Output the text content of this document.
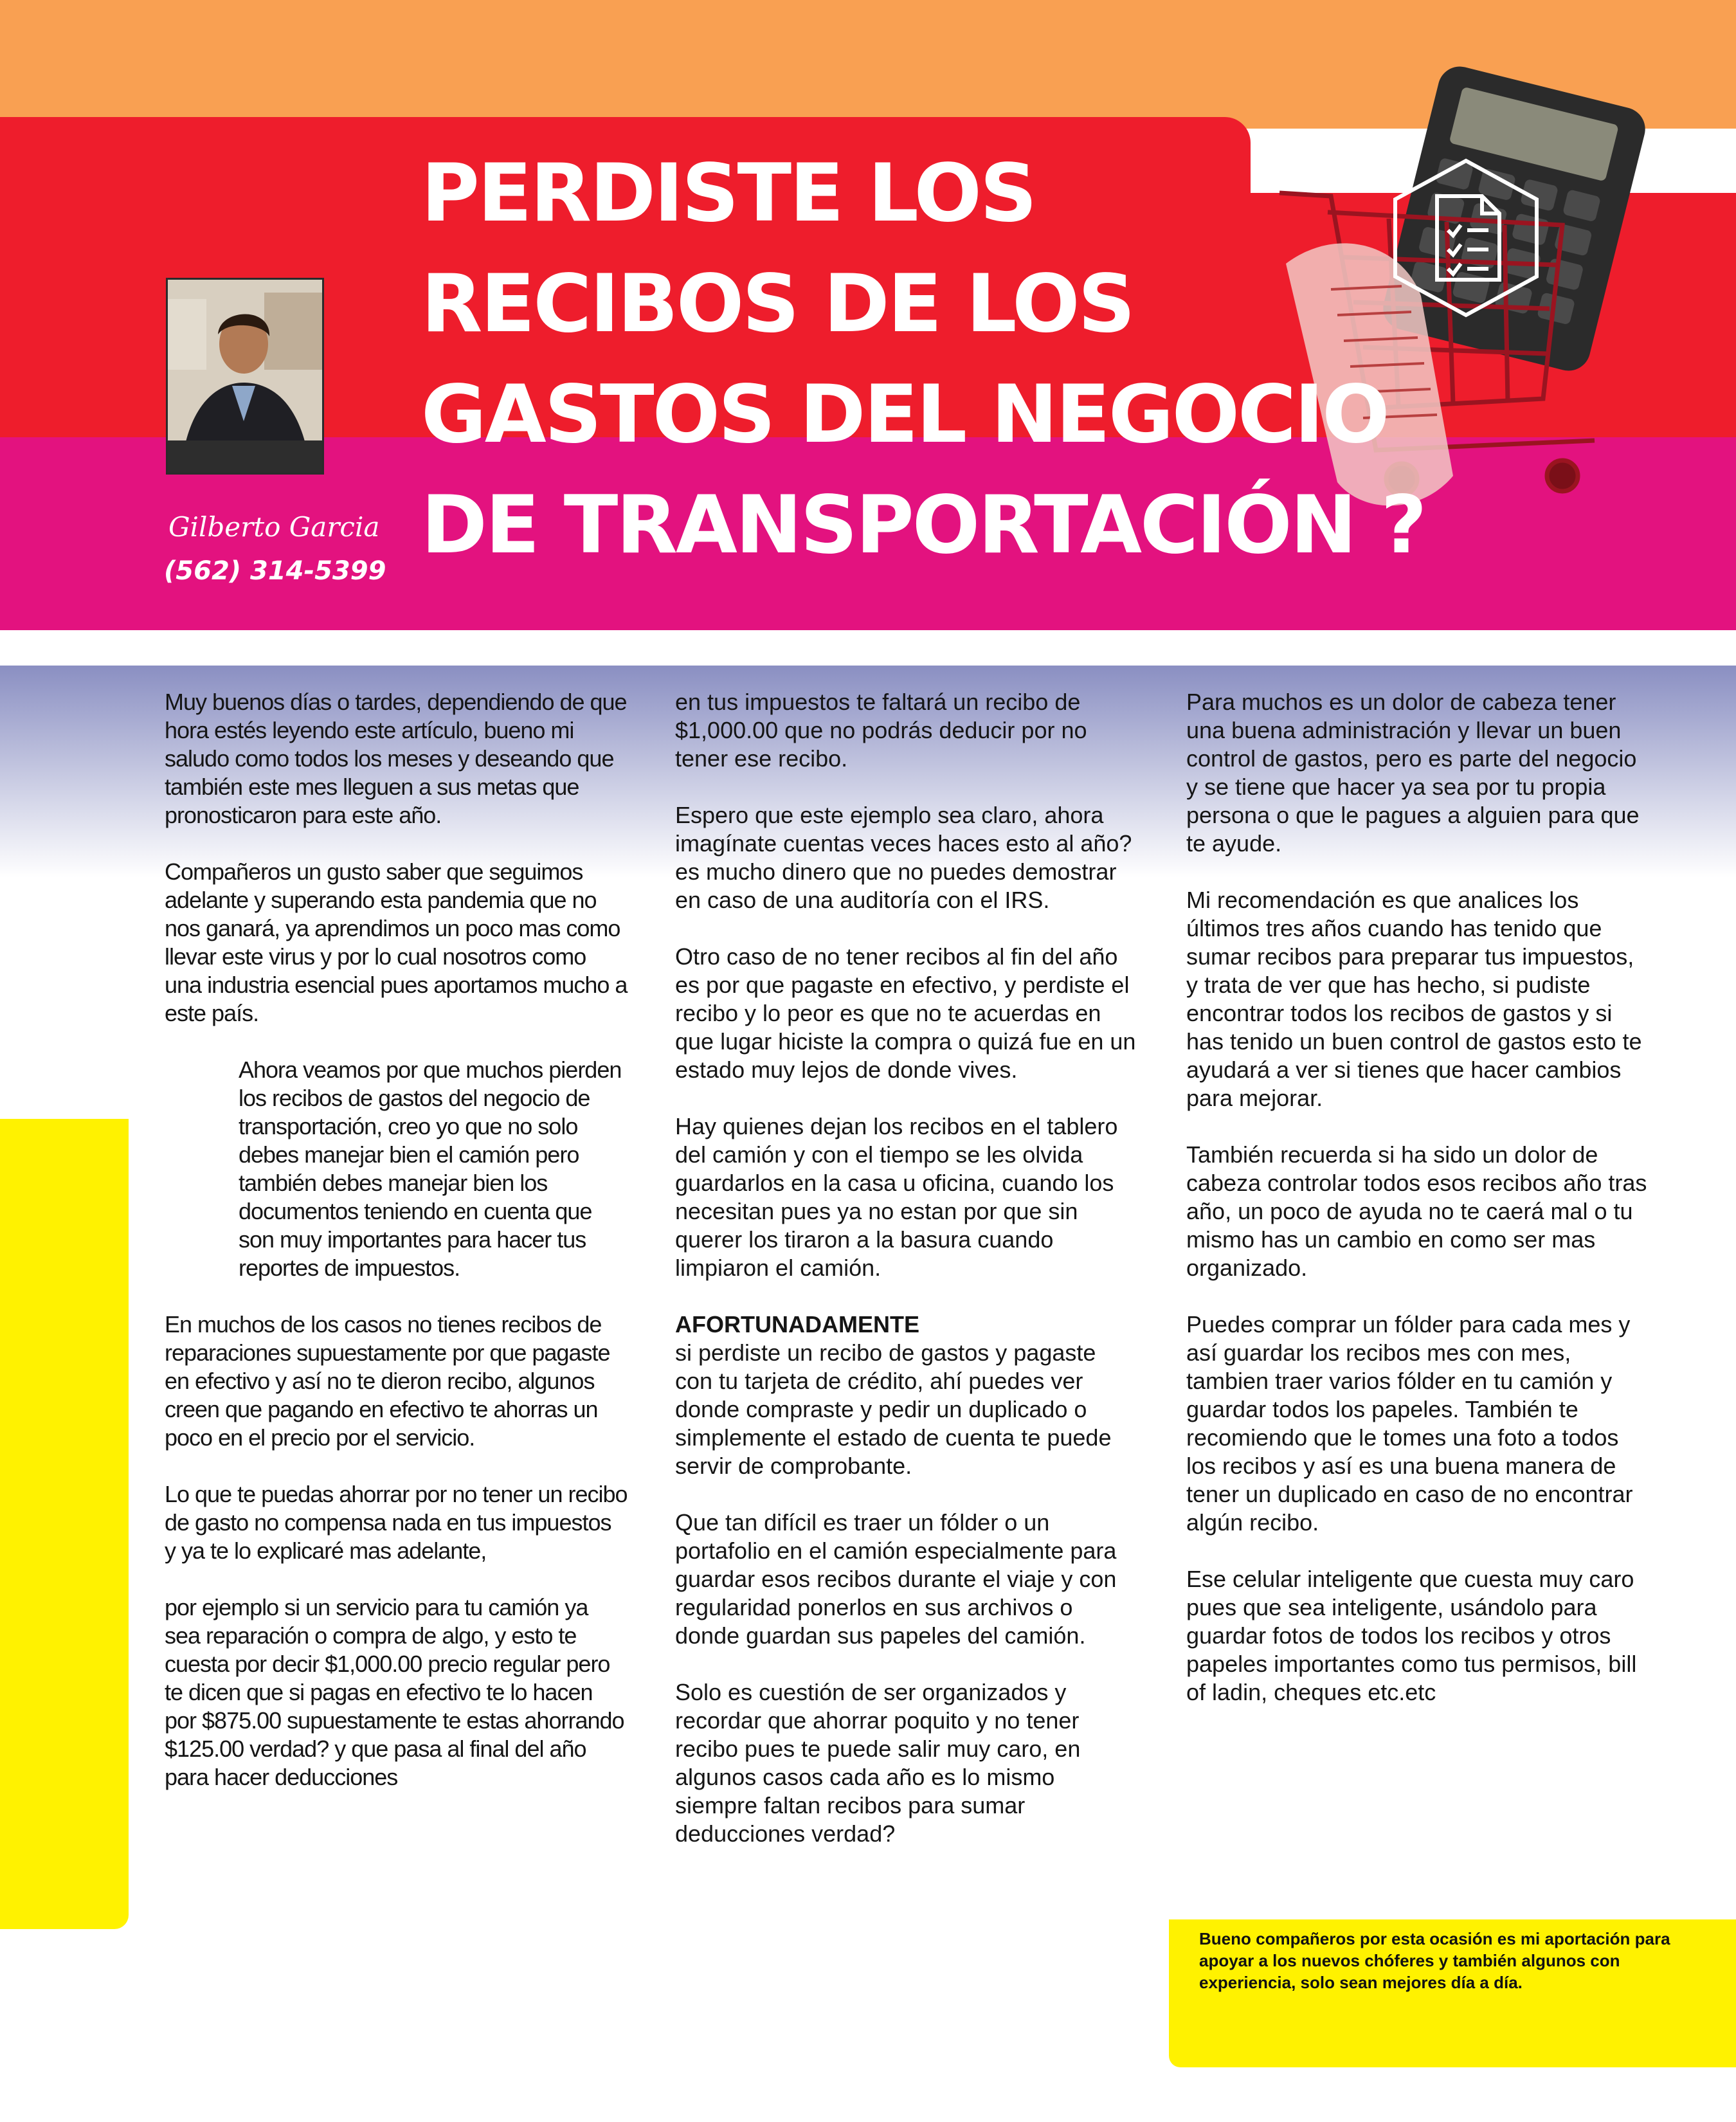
PERDISTE LOS
RECIBOS DE LOS
GASTOS DEL NEGOCIO
DE TRANSPORTACIÓN ?
Gilberto Garcia
(562) 314-5399

Muy buenos días o tardes, dependiendo de que hora estés leyendo este artículo, bueno mi saludo como todos los meses y deseando que también este mes lleguen a sus metas que pronosticaron para este año.

Compañeros un gusto saber que seguimos adelante y superando esta pandemia que no nos ganará, ya aprendimos un poco mas como llevar este virus y por lo cual nosotros como una industria esencial pues aportamos mucho a este país.

Ahora veamos por que muchos pierden los recibos de gastos del negocio de transportación, creo yo que no solo debes manejar bien el camión pero también debes manejar bien los documentos teniendo en cuenta que son muy importantes para hacer tus reportes de impuestos.

En muchos de los casos no tienes recibos de reparaciones supuestamente por que pagaste en efectivo y así no te dieron recibo, algunos creen que pagando en efectivo te ahorras un poco en el precio por el servicio.

Lo que te puedas ahorrar por no tener un recibo de gasto no compensa nada en tus impuestos y ya te lo explicaré mas adelante,

por ejemplo si un servicio para tu camión ya sea reparación o compra de algo, y esto te cuesta por decir $1,000.00 precio regular pero te dicen que si pagas en efectivo te lo hacen por $875.00 supuestamente te estas ahorrando $125.00 verdad? y que pasa al final del año para hacer deducciones

en tus impuestos te faltará un recibo de $1,000.00 que no podrás deducir por no tener ese recibo.

Espero que este ejemplo sea claro, ahora imagínate cuentas veces haces esto al año? es mucho dinero que no puedes demostrar en caso de una auditoría con el IRS.

Otro caso de no tener recibos al fin del año es por que pagaste en efectivo, y perdiste el recibo y lo peor es que no te acuerdas en que lugar hiciste la compra o quizá fue en un estado muy lejos de donde vives.

Hay quienes dejan los recibos en el tablero del camión y con el tiempo se les olvida guardarlos en la casa u oficina, cuando los necesitan pues ya no estan por que sin querer los tiraron a la basura cuando limpiaron el camión.

AFORTUNADAMENTE

si perdiste un recibo de gastos y pagaste con tu tarjeta de crédito, ahí puedes ver donde compraste y pedir un duplicado o simplemente el estado de cuenta te puede servir de comprobante.

Que tan difícil es traer un fólder o un portafolio en el camión especialmente para guardar esos recibos durante el viaje y con regularidad ponerlos en sus archivos o donde guardan sus papeles del camión.

Solo es cuestión de ser organizados y recordar que ahorrar poquito y no tener recibo pues te puede salir muy caro, en algunos casos cada año es lo mismo siempre faltan recibos para sumar deducciones verdad?

Para muchos es un dolor de cabeza tener una buena administración y llevar un buen control de gastos, pero es parte del negocio y se tiene que hacer ya sea por tu propia persona o que le pagues a alguien para que te ayude.

Mi recomendación es que analices los últimos tres años cuando has tenido que sumar recibos para preparar tus impuestos, y trata de ver que has hecho, si pudiste encontrar todos los recibos de gastos y si has tenido un buen control de gastos esto te ayudará a ver si tienes que hacer cambios para mejorar.

También recuerda si ha sido un dolor de cabeza controlar todos esos recibos año tras año, un poco de ayuda no te caerá mal o tu mismo has un cambio en como ser mas organizado.

Puedes comprar un fólder para cada mes y así guardar los recibos mes con mes, tambien traer varios fólder en tu camión y guardar todos los papeles. También te recomiendo que le tomes una foto a todos los recibos y así es una buena manera de tener un duplicado en caso de no encontrar algún recibo.

Ese celular inteligente que cuesta muy caro pues que sea inteligente, usándolo para guardar fotos de todos los recibos y otros papeles importantes como tus permisos, bill of ladin, cheques etc.etc

Bueno compañeros por esta ocasión es mi aportación para apoyar a los nuevos chóferes y también algunos con experiencia, solo sean mejores día a día.
